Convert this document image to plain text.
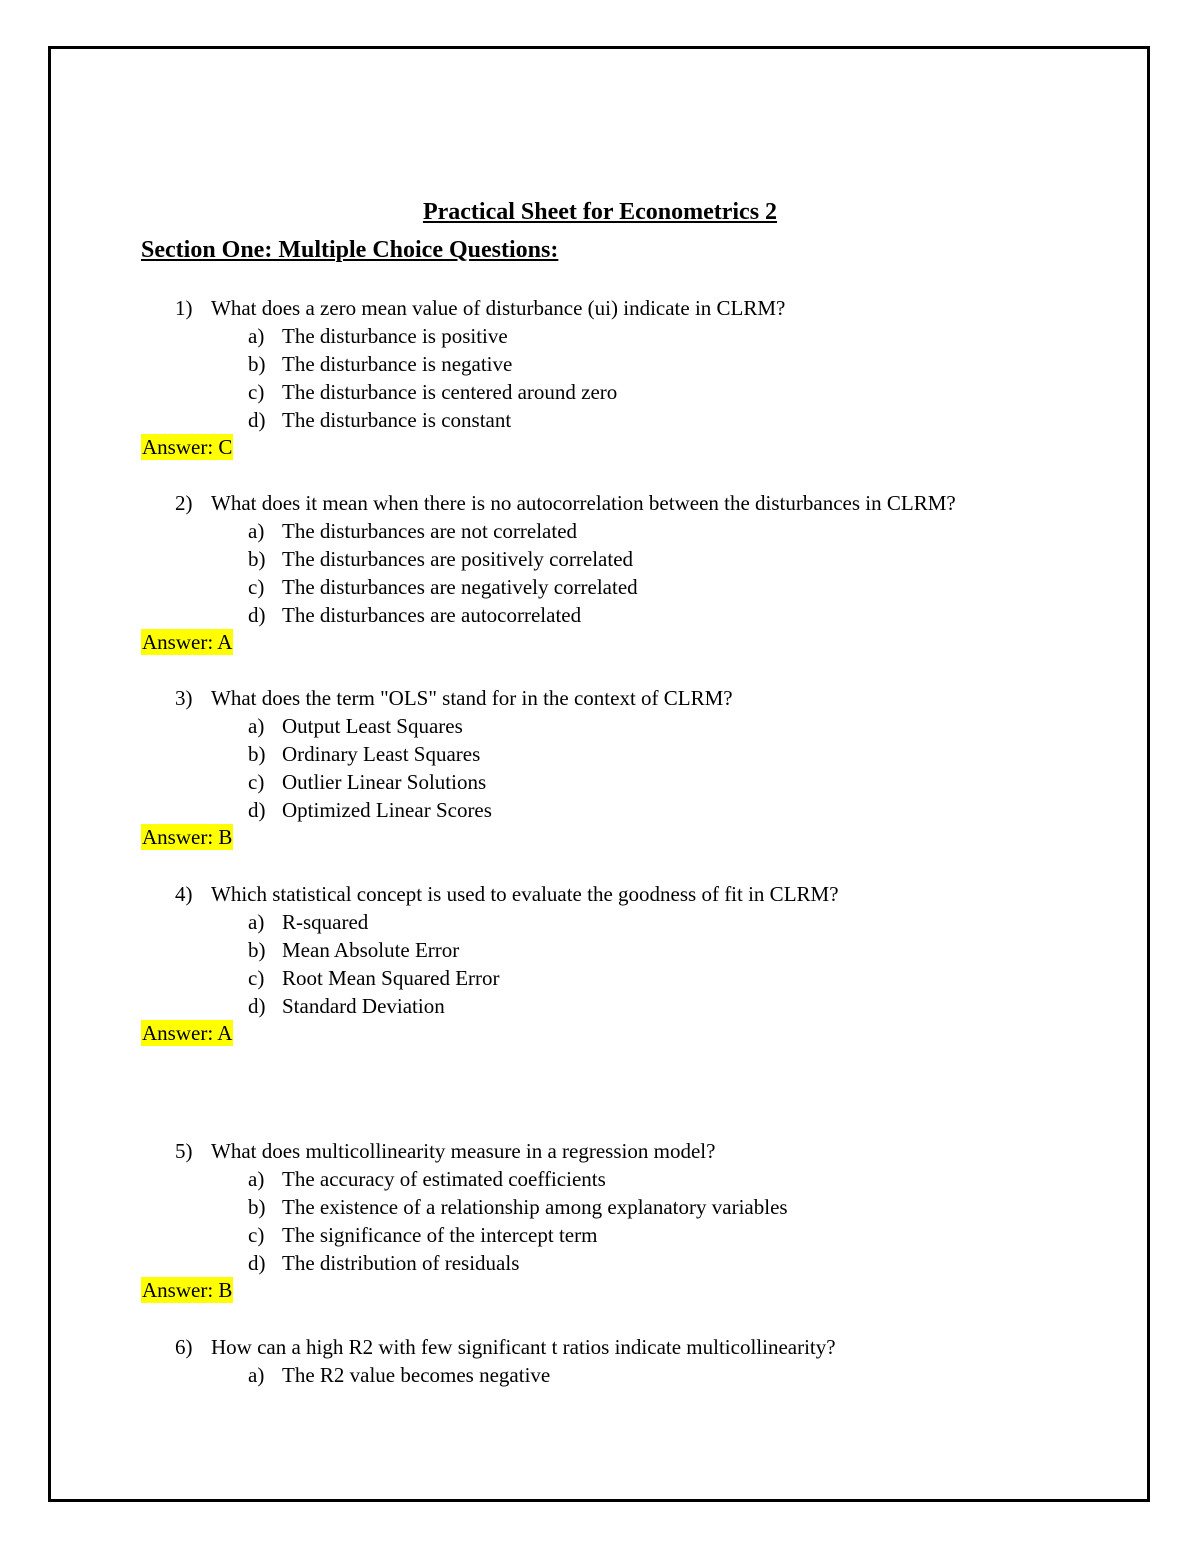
Practical Sheet for Econometrics 2
Section One: Multiple Choice Questions:
1) What does a zero mean value of disturbance (ui) indicate in CLRM?
a) The disturbance is positive
b) The disturbance is negative
c) The disturbance is centered around zero
d) The disturbance is constant
Answer: C
2) What does it mean when there is no autocorrelation between the disturbances in CLRM?
a) The disturbances are not correlated
b) The disturbances are positively correlated
c) The disturbances are negatively correlated
d) The disturbances are autocorrelated
Answer: A
3) What does the term "OLS" stand for in the context of CLRM?
a) Output Least Squares
b) Ordinary Least Squares
c) Outlier Linear Solutions
d) Optimized Linear Scores
Answer: B
4) Which statistical concept is used to evaluate the goodness of fit in CLRM?
a) R-squared
b) Mean Absolute Error
c) Root Mean Squared Error
d) Standard Deviation
Answer: A
5) What does multicollinearity measure in a regression model?
a) The accuracy of estimated coefficients
b) The existence of a relationship among explanatory variables
c) The significance of the intercept term
d) The distribution of residuals
Answer: B
6) How can a high R2 with few significant t ratios indicate multicollinearity?
a) The R2 value becomes negative
